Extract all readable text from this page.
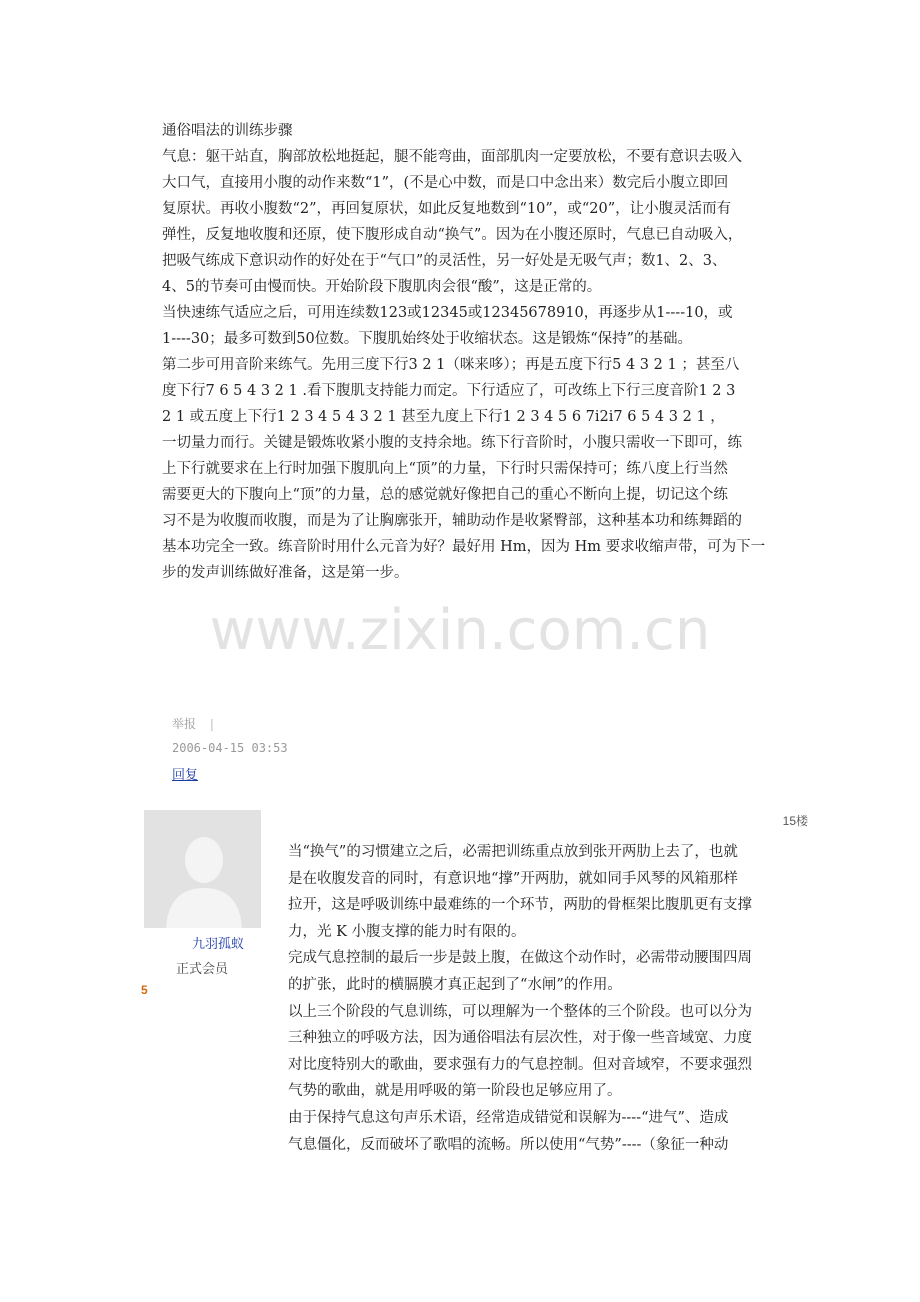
通俗唱法的训练步骤

气息：躯干站直，胸部放松地挺起，腿不能弯曲，面部肌肉一定要放松，不要有意识去吸入

大口气，直接用小腹的动作来数“1”，(不是心中数，而是口中念出来）数完后小腹立即回

复原状。再收小腹数“2”，再回复原状，如此反复地数到“10”，或“20”，让小腹灵活而有

弹性，反复地收腹和还原，使下腹形成自动“换气”。因为在小腹还原时，气息已自动吸入，

把吸气练成下意识动作的好处在于“气口”的灵活性，另一好处是无吸气声；数1、2、3、

4、5的节奏可由慢而快。开始阶段下腹肌肉会很“酸”，这是正常的。

当快速练气适应之后，可用连续数123或12345或12345678910，再逐步从1----10，或

1----30；最多可数到50位数。下腹肌始终处于收缩状态。这是锻炼“保持”的基础。

第二步可用音阶来练气。先用三度下行3 2 1（咪来哆）；再是五度下行5 4 3 2 1 ；甚至八

度下行7 6 5 4 3 2 1 .看下腹肌支持能力而定。下行适应了，可改练上下行三度音阶1 2 3

2 1 或五度上下行1 2 3 4 5 4 3 2 1 甚至九度上下行1 2 3 4 5 6 7i2i7 6 5 4 3 2 1 ，

一切量力而行。关键是锻炼收紧小腹的支持余地。练下行音阶时，小腹只需收一下即可，练

上下行就要求在上行时加强下腹肌向上“顶”的力量，下行时只需保持可；练八度上行当然

需要更大的下腹向上“顶”的力量，总的感觉就好像把自己的重心不断向上提，切记这个练

习不是为收腹而收腹，而是为了让胸廓张开，辅助动作是收紧臀部，这种基本功和练舞蹈的

基本功完全一致。练音阶时用什么元音为好？最好用 Hm，因为 Hm 要求收缩声带，可为下一

步的发声训练做好准备，这是第一步。

www.zixin.com.cn
举报 |
2006-04-15 03:53
回复
15楼
九羽孤蚁
正式会员
5

当“换气”的习惯建立之后，必需把训练重点放到张开两肋上去了，也就

是在收腹发音的同时，有意识地“撑”开两肋，就如同手风琴的风箱那样

拉开，这是呼吸训练中最难练的一个环节，两肋的骨框架比腹肌更有支撑

力，光 K 小腹支撑的能力时有限的。

完成气息控制的最后一步是鼓上腹，在做这个动作时，必需带动腰围四周

的扩张，此时的横膈膜才真正起到了“水闸”的作用。

以上三个阶段的气息训练，可以理解为一个整体的三个阶段。也可以分为

三种独立的呼吸方法，因为通俗唱法有层次性，对于像一些音域宽、力度

对比度特别大的歌曲，要求强有力的气息控制。但对音域窄，不要求强烈

气势的歌曲，就是用呼吸的第一阶段也足够应用了。

由于保持气息这句声乐术语，经常造成错觉和误解为----“进气”、造成

气息僵化，反而破坏了歌唱的流畅。所以使用“气势”----（象征一种动
